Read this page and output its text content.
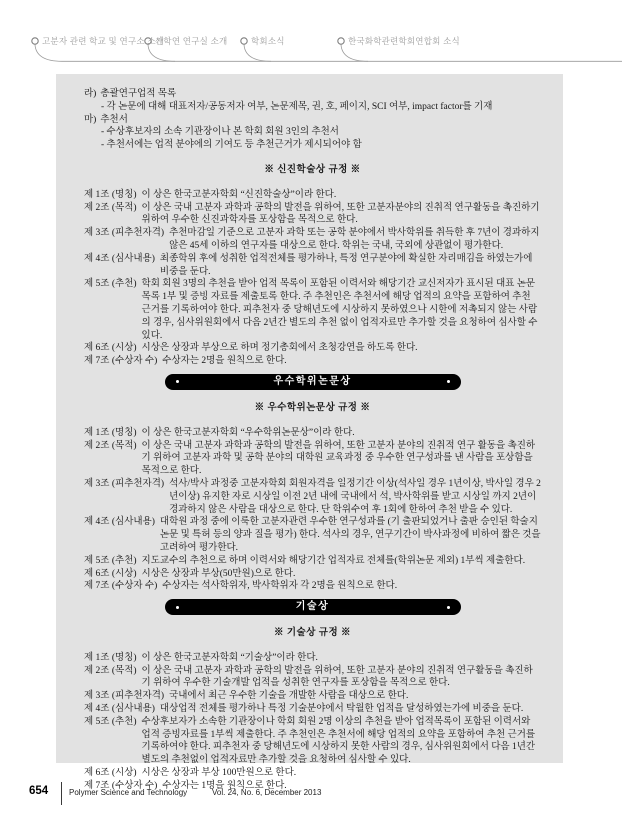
고분자 관련 학교 및 연구소 소개
산학연 연구실 소개	학회소식	한국화학관련학회연합회 소식
라) 총괄연구업적 목록
- 각 논문에 대해 대표저자/공동저자 여부, 논문제목, 권, 호, 페이지, SCI 여부, impact factor를 기재
마) 추천서
- 수상후보자의 소속 기관장이나 본 학회 회원 3인의 추천서
- 추천서에는 업적 분야에의 기여도 등 추천근거가 제시되어야 함
※ 신진학술상 규정 ※
제 1조 (명칭) 이 상은 한국고분자학회 “신진학술상”이라 한다.
제 2조 (목적) 이 상은 국내 고분자 과학과 공학의 발전을 위하여, 또한 고분자분야의 진취적 연구활동을 촉진하기 위하여 우수한 신진과학자를 포상함을 목적으로 한다.
제 3조 (피추천자격) 추천마감일 기준으로 고분자 과학 또는 공학 분야에서 박사학위를 취득한 후 7년이 경과하지 않은 45세 이하의 연구자를 대상으로 한다. 학위는 국내, 국외에 상관없이 평가한다.
제 4조 (심사내용) 최종학위 후에 성취한 업적전체를 평가하나, 특정 연구분야에 확실한 자리매김을 하였는가에 비중을 둔다.
제 5조 (추천) 학회 회원 3명의 추천을 받아 업적 목록이 포함된 이력서와 해당기간 교신저자가 표시된 대표 논문목록 1부 및 증빙 자료를 제출토록 한다. 주 추천인은 추천서에 해당 업적의 요약을 포함하여 추천 근거를 기록하여야 한다. 피추천자 중 당해년도에 시상하지 못하였으나 시한에 저촉되지 않는 사람의 경우, 심사위원회에서 다음 2년간 별도의 추천 없이 업적자료만 추가할 것을 요청하여 심사할 수 있다.
제 6조 (시상) 시상은 상장과 부상으로 하며 정기총회에서 초청강연을 하도록 한다.
제 7조 (수상자 수) 수상자는 2명을 원칙으로 한다.
우수학위논문상
※ 우수학위논문상 규정 ※
제 1조 (명칭) 이 상은 한국고분자학회 “우수학위논문상”이라 한다.
제 2조 (목적) 이 상은 국내 고분자 과학과 공학의 발전을 위하여, 또한 고분자 분야의 진취적 연구 활동을 촉진하기 위하여 고분자 과학 및 공학 분야의 대학원 교육과정 중 우수한 연구성과를 낸 사람을 포상함을 목적으로 한다.
제 3조 (피추천자격) 석사/박사 과정중 고분자학회 회원자격을 일정기간 이상(석사일 경우 1년이상, 박사일 경우 2년이상) 유지한 자로 시상일 이전 2년 내에 국내에서 석, 박사학위를 받고 시상일 까지 2년이 경과하지 않은 사람을 대상으로 한다. 단 학위수여 후 1회에 한하여 추천 받을 수 있다.
제 4조 (심사내용) 대학원 과정 중에 이룩한 고분자관련 우수한 연구성과를 (기 출판되었거나 출판 승인된 학술지 논문 및 특허 등의 양과 질을 평가) 한다. 석사의 경우, 연구기간이 박사과정에 비하여 짧은 것을 고려하여 평가한다.
제 5조 (추천) 지도교수의 추천으로 하며 이력서와 해당기간 업적자료 전체를(학위논문 제외) 1부씩 제출한다.
제 6조 (시상) 시상은 상장과 부상(50만원)으로 한다.
제 7조 (수상자 수) 수상자는 석사학위자, 박사학위자 각 2명을 원칙으로 한다.
기술상
※ 기술상 규정 ※
제 1조 (명칭) 이 상은 한국고분자학회 “기술상”이라 한다.
제 2조 (목적) 이 상은 국내 고분자 과학과 공학의 발전을 위하여, 또한 고분자 분야의 진취적 연구활동을 촉진하기 위하여 우수한 기술개발 업적을 성취한 연구자를 포상함을 목적으로 한다.
제 3조 (피추천자격) 국내에서 최근 우수한 기술을 개발한 사람을 대상으로 한다.
제 4조 (심사내용) 대상업적 전체를 평가하나 특정 기술분야에서 탁월한 업적을 달성하였는가에 비중을 둔다.
제 5조 (추천) 수상후보자가 소속한 기관장이나 학회 회원 2명 이상의 추천을 받아 업적목록이 포함된 이력서와 업적 증빙자료를 1부씩 제출한다. 주 추천인은 추천서에 해당 업적의 요약을 포함하여 추천 근거를 기록하여야 한다. 피추천자 중 당해년도에 시상하지 못한 사람의 경우, 심사위원회에서 다음 1년간 별도의 추천없이 업적자료만 추가할 것을 요청하여 심사할 수 있다.
제 6조 (시상) 시상은 상장과 부상 100만원으로 한다.
제 7조 (수상자 수) 수상자는 1명을 원칙으로 한다.
654	Polymer Science and Technology	Vol. 24, No. 6, December 2013
